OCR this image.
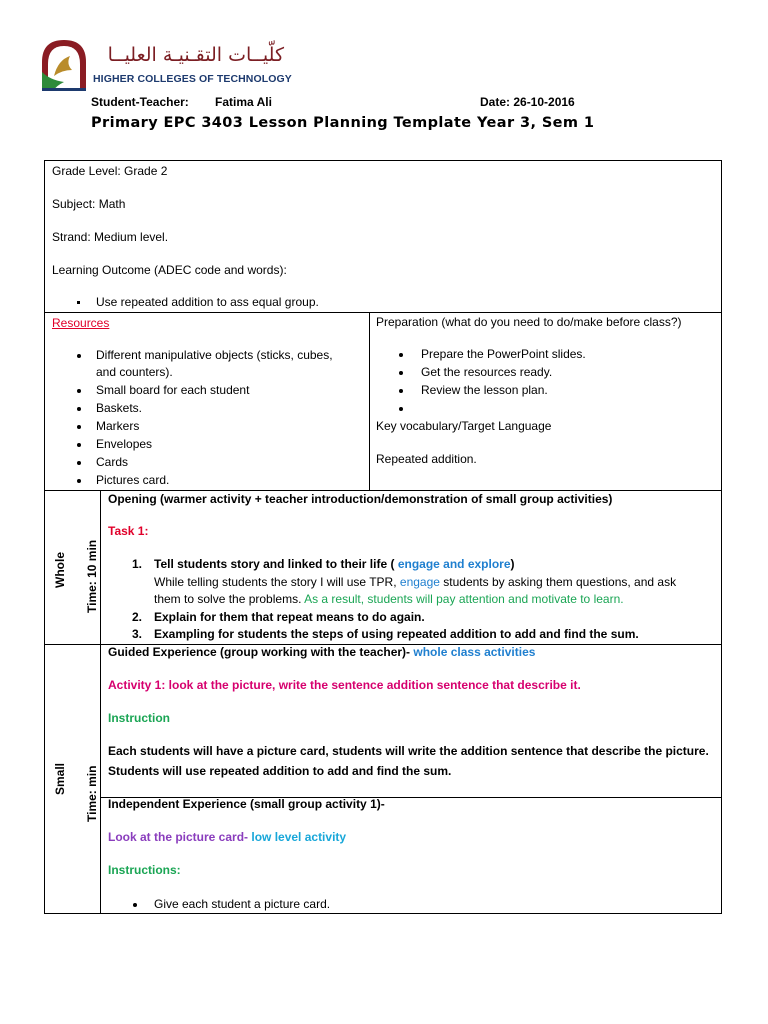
كلّيــات التقـنيـة العليــا
HIGHER COLLEGES OF TECHNOLOGY
Student-Teacher: Fatima Ali	Date: 26-10-2016
Primary EPC 3403 Lesson Planning Template Year 3, Sem 1
Grade Level: Grade 2
Subject: Math
Strand: Medium level.
Learning Outcome (ADEC code and words):
Use repeated addition to ass equal group.
Resources
Different manipulative objects (sticks, cubes,
and counters).
Small board for each student
Baskets.
Markers
Envelopes
Cards
Pictures card.
Preparation (what do you need to do/make before class?)
Prepare the PowerPoint slides.
Get the resources ready.
Review the lesson plan.
Key vocabulary/Target Language
Repeated addition.
Whole Time: 10 min
Opening (warmer activity + teacher introduction/demonstration of small group activities)
Task 1:
1. Tell students story and linked to their life ( engage and explore)
While telling students the story I will use TPR, engage students by asking them questions, and ask
them to solve the problems. As a result, students will pay attention and motivate to learn.
2. Explain for them that repeat means to do again.
3. Exampling for students the steps of using repeated addition to add and find the sum.
Small Time: min
Guided Experience (group working with the teacher)- whole class activities
Activity 1: look at the picture, write the sentence addition sentence that describe it.
Instruction
Each students will have a picture card, students will write the addition sentence that describe the picture.
Students will use repeated addition to add and find the sum.
Independent Experience (small group activity 1)-
Look at the picture card- low level activity
Instructions:
Give each student a picture card.
